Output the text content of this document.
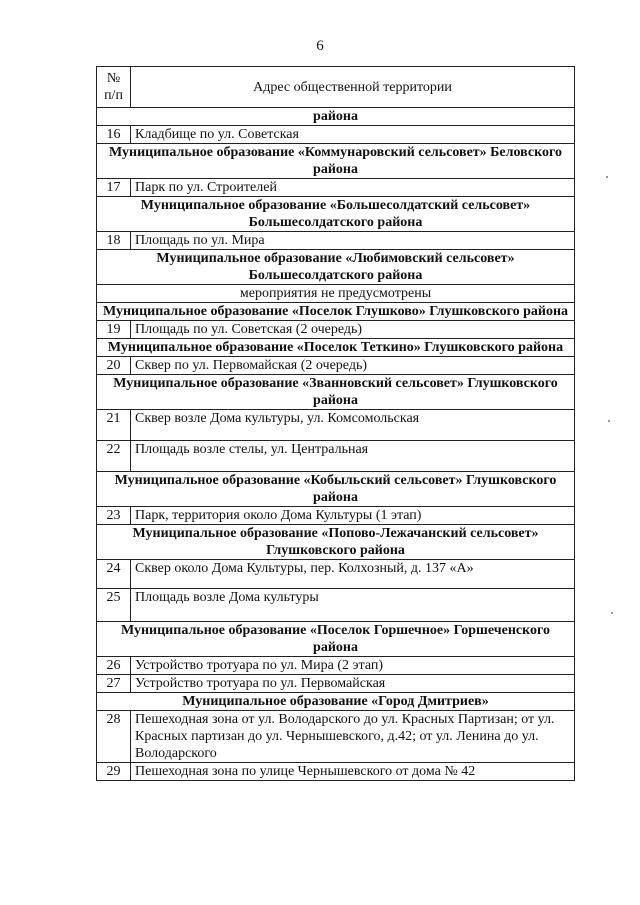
6
№ п/п	Адрес общественной территории
района	
16	Кладбище по ул. Советская
Муниципальное образование «Коммунаровский сельсовет» Беловского района	
17	Парк по ул. Строителей
Муниципальное образование «Большесолдатский сельсовет» Большесолдатского района	
18	Площадь по ул. Мира
Муниципальное образование «Любимовский сельсовет» Большесолдатского района	
мероприятия не предусмотрены	
Муниципальное образование «Поселок Глушково» Глушковского района	
19	Площадь по ул. Советская (2 очередь)
Муниципальное образование «Поселок Теткино» Глушковского района	
20	Сквер по ул. Первомайская (2 очередь)
Муниципальное образование «Званновский сельсовет» Глушковского района	
21	Сквер возле Дома культуры, ул. Комсомольская
22	Площадь возле стелы, ул. Центральная
Муниципальное образование «Кобыльский сельсовет» Глушковского района	
23	Парк, территория около Дома Культуры (1 этап)
Муниципальное образование «Попово-Лежачанский сельсовет» Глушковского района	
24	Сквер около Дома Культуры, пер. Колхозный, д. 137 «А»
25	Площадь возле Дома культуры
Муниципальное образование «Поселок Горшечное» Горшеченского района	
26	Устройство тротуара по ул. Мира (2 этап)
27	Устройство тротуара по ул. Первомайская
Муниципальное образование «Город Дмитриев»	
28	Пешеходная зона от ул. Володарского до ул. Красных Партизан; от ул. Красных партизан до ул. Чернышевского, д.42; от ул. Ленина до ул. Володарского
29	Пешеходная зона по улице Чернышевского от дома № 42
